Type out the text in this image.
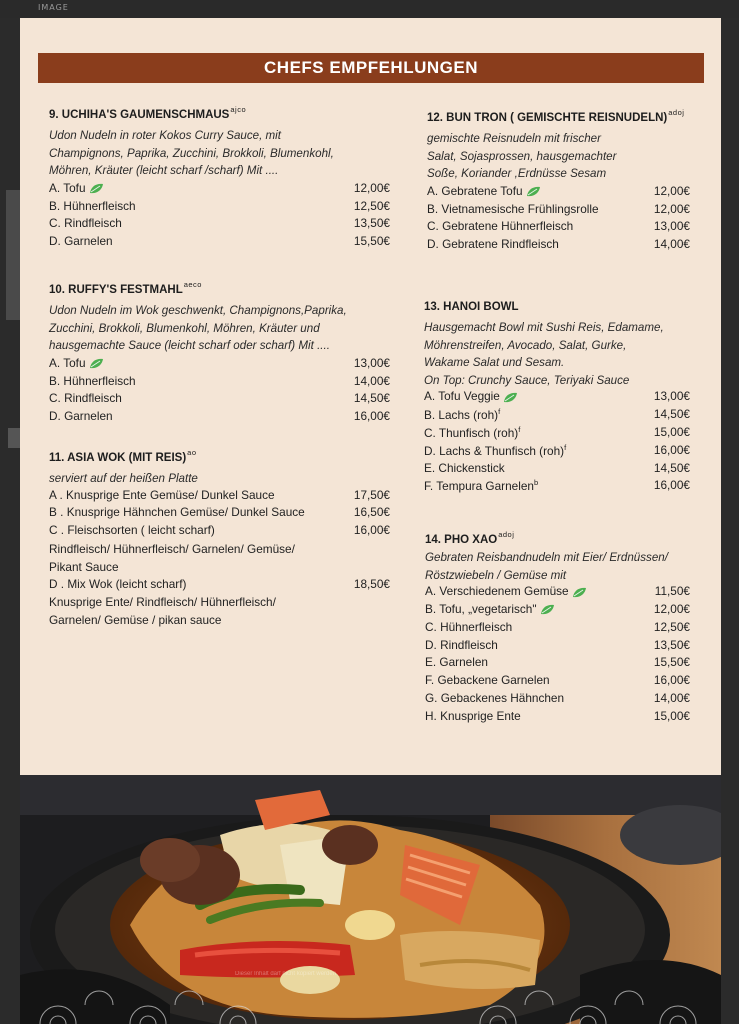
IMAGE
CHEFS EMPFEHLUNGEN
9. UCHIHA'S $GAUMENSCHMAUS^{ajco}$
Udon Nudeln in roter Kokos Curry Sauce, mit
Champignons, Paprika, Zucchini, Brokkoli, Blumenkohl,
Möhren, Kräuter (leicht scharf /scharf) Mit ....
A. Tofu	12,00€
B. Hühnerfleisch	12,50€
C. Rindfleisch	13,50€
D. Garnelen	15,50€
10. RUFFY'S $FESTMAHL^{aeco}$
Udon Nudeln im Wok geschwenkt, Champignons,Paprika,
Zucchini, Brokkoli, Blumenkohl, Möhren, Kräuter und
hausgemachte Sauce (leicht scharf oder scharf) Mit ....
A. Tofu	13,00€
B. Hühnerfleisch	14,00€
C. Rindfleisch	14,50€
D. Garnelen	16,00€
11. ASIA WOK (MIT REIS)$^{ao}$
serviert auf der heißen Platte
A . Knusprige Ente Gemüse/ Dunkel Sauce	17,50€
B . Knusprige Hähnchen Gemüse/ Dunkel Sauce	16,50€
C . Fleischsorten ( leicht scharf)	16,00€
Rindfleisch/ Hühnerfleisch/ Garnelen/ Gemüse/
Pikant Sauce
D . Mix Wok (leicht scharf)	18,50€
Knusprige Ente/ Rindfleisch/ Hühnerfleisch/
Garnelen/ Gemüse / pikan sauce
12. BUN TRON ( GEMISCHTE REISNUDELN)$^{adoj}$
gemischte Reisnudeln mit frischer
Salat, Sojasprossen, hausgemachter
Soße, Koriander ,Erdnüsse Sesam
A. Gebratene Tofu	12,00€
B. Vietnamesische Frühlingsrolle	12,00€
C. Gebratene Hühnerfleisch	13,00€
D. Gebratene Rindfleisch	14,00€
13. HANOI BOWL
Hausgemacht Bowl mit Sushi Reis, Edamame,
Möhrenstreifen, Avocado, Salat, Gurke,
Wakame Salat und Sesam.
On Top: Crunchy Sauce, Teriyaki Sauce
A. Tofu Veggie	13,00€
B. Lachs (roh)$^f$	14,50€
C. Thunfisch (roh)$^f$	15,00€
D. Lachs & Thunfisch (roh)$^f$	16,00€
E. Chickenstick	14,50€
F. Tempura Garnelen$^b$	16,00€
14. PHO $XAO^{adoj}$
Gebraten Reisbandnudeln mit Eier/ Erdnüssen/
Röstzwiebeln / Gemüse mit
A. Verschiedenem Gemüse	11,50€
B. Tofu, „vegetarisch"	12,00€
C. Hühnerfleisch	12,50€
D. Rindfleisch	13,50€
E. Garnelen	15,50€
F. Gebackene Garnelen	16,00€
G. Gebackenes Hähnchen	14,00€
H. Knusprige Ente	15,00€
Dieser Inhalt darf nicht kopiert werden
